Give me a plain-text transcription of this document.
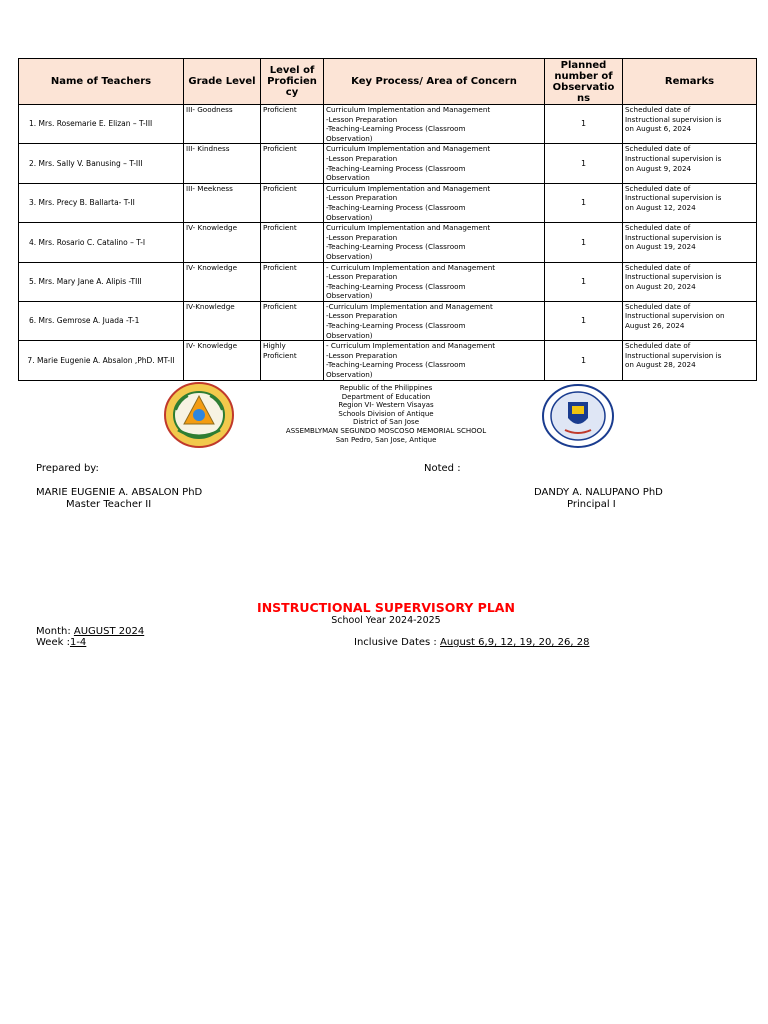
Name of Teachers	Grade Level	Level of Proficien cy	Key Process/ Area of Concern	Planned number of Observatio ns	Remarks
1. Mrs. Rosemarie E. Elizan – T-III	III- Goodness	Proficient	Curriculum Implementation and Management
-Lesson Preparation
-Teaching-Learning Process (Classroom
Observation)	1	Scheduled date of
Instructional supervision is
on August 6, 2024

2. Mrs. Sally V. Banusing – T-III	III- Kindness	Proficient	Curriculum Implementation and Management
-Lesson Preparation
-Teaching-Learning Process (Classroom
Observation	1	Scheduled date of
Instructional supervision is
on August 9, 2024

3. Mrs. Precy B. Ballarta- T-II	III- Meekness	Proficient	Curriculum Implementation and Management
-Lesson Preparation
-Teaching-Learning Process (Classroom
Observation)	1	Scheduled date of
Instructional supervision is
on August 12, 2024

4. Mrs. Rosario C. Catalino – T-I	IV- Knowledge	Proficient	Curriculum Implementation and Management
-Lesson Preparation
-Teaching-Learning Process (Classroom
Observation)	1	Scheduled date of
Instructional supervision is
on August 19, 2024

5. Mrs. Mary Jane A. Alipis -TIII	IV- Knowledge	Proficient	- Curriculum Implementation and Management
-Lesson Preparation
-Teaching-Learning Process (Classroom
Observation)	1	Scheduled date of
Instructional supervision is
on August 20, 2024

6. Mrs. Gemrose A. Juada -T-1	IV-Knowledge	Proficient	-Curriculum Implementation and Management
-Lesson Preparation
-Teaching-Learning Process (Classroom
Observation)	1	Scheduled date of
Instructional supervision on
August 26, 2024

7. Marie Eugenie A. Absalon ,PhD. MT-II	IV- Knowledge	Highly
Proficient	- Curriculum Implementation and Management
-Lesson Preparation
-Teaching-Learning Process (Classroom
Observation)	1	Scheduled date of
Instructional supervision is
on August 28, 2024
Republic of the Philippines
Department of Education
Region VI- Western Visayas
Schools Division of Antique
District of San Jose
ASSEMBLYMAN SEGUNDO MOSCOSO MEMORIAL SCHOOL
San Pedro, San Jose, Antique
Prepared by:	Noted :
MARIE EUGENIE A. ABSALON PhD
Master Teacher II
DANDY A. NALUPANO PhD
Principal I
INSTRUCTIONAL SUPERVISORY PLAN
School Year 2024-2025
Month: AUGUST 2024
Week :1-4	Inclusive Dates : August 6,9, 12, 19, 20, 26, 28
